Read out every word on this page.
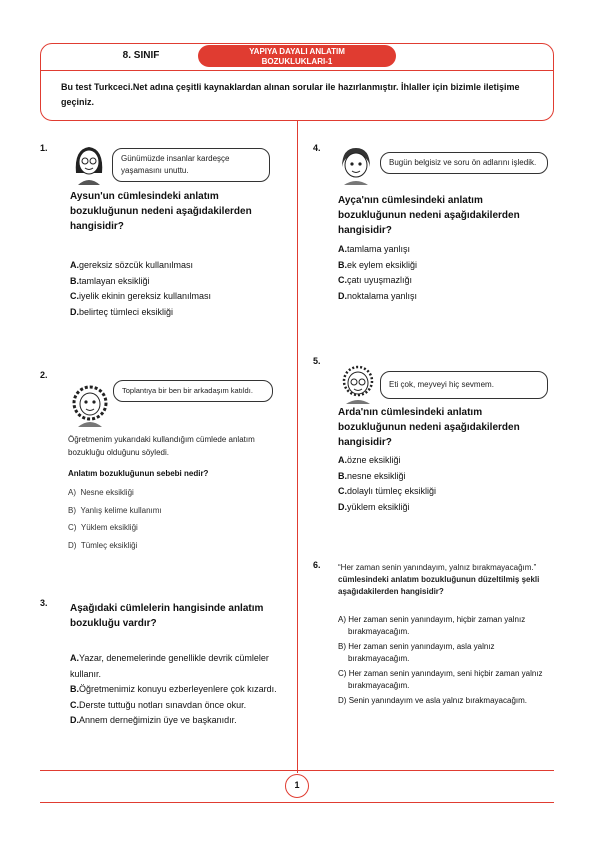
8. SINIF	YAPIYA DAYALI ANLATIM
BOZUKLUKLARI-1
Bu test Turkceci.Net adına çeşitli kaynaklardan alınan sorular ile hazırlanmıştır. İhlaller için bizimle iletişime geçiniz.
1.
Günümüzde insanlar kardeşçe yaşamasını unuttu.
Aysun'un cümlesindeki anlatım bozukluğunun nedeni aşağıdakilerden hangisidir?
A.gereksiz sözcük kullanılması
B.tamlayan eksikliği
C.iyelik ekinin gereksiz kullanılması
D.belirteç tümleci eksikliği
2.
Toplantıya bir ben bir arkadaşım katıldı.
Öğretmenim yukarıdaki kullandığım cümlede anlatım bozukluğu olduğunu söyledi.
Anlatım bozukluğunun sebebi nedir?
A) Nesne eksikliği
B) Yanlış kelime kullanımı
C) Yüklem eksikliği
D) Tümleç eksikliği
3. Aşağıdaki cümlelerin hangisinde anlatım bozukluğu vardır?
A.Yazar, denemelerinde genellikle devrik cümleler kullanır.
B.Öğretmenimiz konuyu ezberleyenlere çok kızardı.
C.Derste tuttuğu notları sınavdan önce okur.
D.Annem derneğimizin üye ve başkanıdır.
4.
Bugün belgisiz ve soru ön adlarını işledik.
Ayça'nın cümlesindeki anlatım bozukluğunun nedeni aşağıdakilerden hangisidir?
A.tamlama yanlışı
B.ek eylem eksikliği
C.çatı uyuşmazlığı
D.noktalama yanlışı
5.
Eti çok, meyveyi hiç sevmem.
Arda'nın cümlesindeki anlatım bozukluğunun nedeni aşağıdakilerden hangisidir?
A.özne eksikliği
B.nesne eksikliği
C.dolaylı tümleç eksikliği
D.yüklem eksikliği
6. “Her zaman senin yanındayım, yalnız bırakmayacağım.” cümlesindeki anlatım bozukluğunun düzeltilmiş şekli aşağıdakilerden hangisidir?
A) Her zaman senin yanındayım, hiçbir zaman yalnız bırakmayacağım.
B) Her zaman senin yanındayım, asla yalnız bırakmayacağım.
C) Her zaman senin yanındayım, seni hiçbir zaman yalnız bırakmayacağım.
D) Senin yanındayım ve asla yalnız bırakmayacağım.
1
